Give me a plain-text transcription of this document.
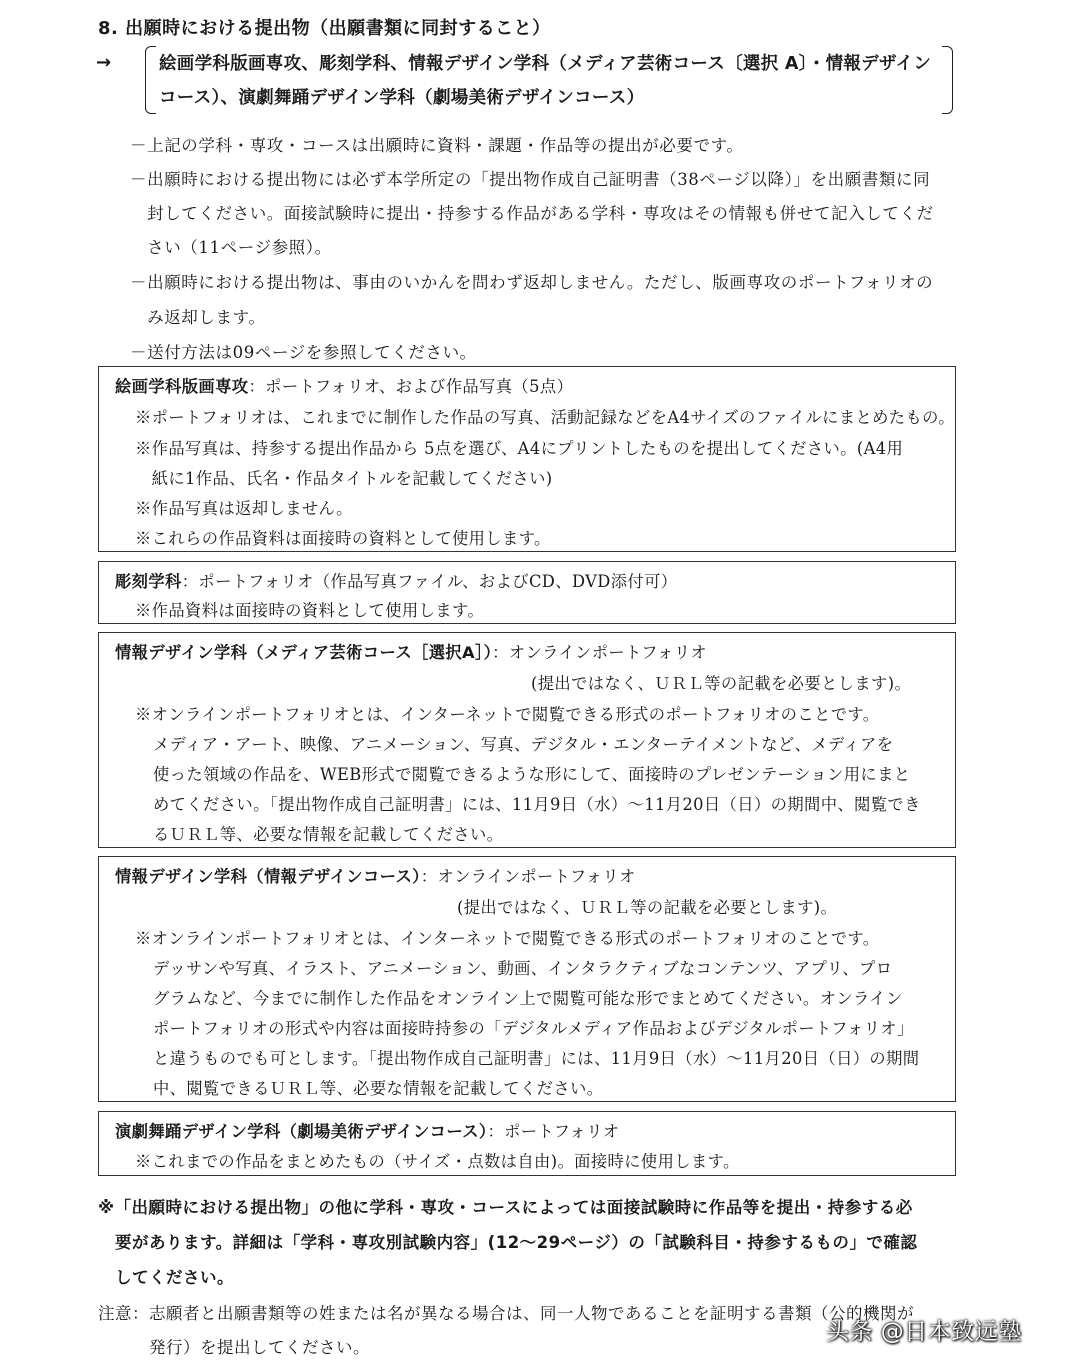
8. 出願時における提出物（出願書類に同封すること）
→	絵画学科版画専攻、彫刻学科、情報デザイン学科（メディア芸術コース〔選択 A〕・情報デザイン
コース）、演劇舞踊デザイン学科（劇場美術デザインコース）
－上記の学科・専攻・コースは出願時に資料・課題・作品等の提出が必要です。
－出願時における提出物には必ず本学所定の「提出物作成自己証明書（38ページ以降）」を出願書類に同
　封してください。面接試験時に提出・持参する作品がある学科・専攻はその情報も併せて記入してくだ
　さい（11ページ参照）。
－出願時における提出物は、事由のいかんを問わず返却しません。ただし、版画専攻のポートフォリオの
　み返却します。
－送付方法は09ページを参照してください。
絵画学科版画専攻：ポートフォリオ、および作品写真（5点）
※ポートフォリオは、これまでに制作した作品の写真、活動記録などをA4サイズのファイルにまとめたもの。
※作品写真は、持参する提出作品から 5点を選び、A4にプリントしたものを提出してください。(A4用
　紙に1作品、氏名・作品タイトルを記載してください)
※作品写真は返却しません。
※これらの作品資料は面接時の資料として使用します。
彫刻学科：ポートフォリオ（作品写真ファイル、およびCD、DVD添付可）
※作品資料は面接時の資料として使用します。
情報デザイン学科（メディア芸術コース［選択A］）：オンラインポートフォリオ
(提出ではなく、ＵＲＬ等の記載を必要とします)。
※オンラインポートフォリオとは、インターネットで閲覧できる形式のポートフォリオのことです。
メディア・アート、映像、アニメーション、写真、デジタル・エンターテイメントなど、メディアを
使った領域の作品を、WEB形式で閲覧できるような形にして、面接時のプレゼンテーション用にまと
めてください。「提出物作成自己証明書」には、11月9日（水）～11月20日（日）の期間中、閲覧でき
るＵＲＬ等、必要な情報を記載してください。
情報デザイン学科（情報デザインコース）：オンラインポートフォリオ
(提出ではなく、ＵＲＬ等の記載を必要とします)。
※オンラインポートフォリオとは、インターネットで閲覧できる形式のポートフォリオのことです。
デッサンや写真、イラスト、アニメーション、動画、インタラクティブなコンテンツ、アプリ、プロ
グラムなど、今までに制作した作品をオンライン上で閲覧可能な形でまとめてください。オンライン
ポートフォリオの形式や内容は面接時持参の「デジタルメディア作品およびデジタルポートフォリオ」
と違うものでも可とします。「提出物作成自己証明書」には、11月9日（水）～11月20日（日）の期間
中、閲覧できるＵＲＬ等、必要な情報を記載してください。
演劇舞踊デザイン学科（劇場美術デザインコース）：ポートフォリオ
※これまでの作品をまとめたもの（サイズ・点数は自由)。面接時に使用します。
※「出願時における提出物」の他に学科・専攻・コースによっては面接試験時に作品等を提出・持参する必
　要があります。詳細は「学科・専攻別試験内容」(12～29ページ）の「試験科目・持参するもの」で確認
　してください。
注意：志願者と出願書類等の姓または名が異なる場合は、同一人物であることを証明する書類（公的機関が
　　　発行）を提出してください。
头条 @日本致远塾
